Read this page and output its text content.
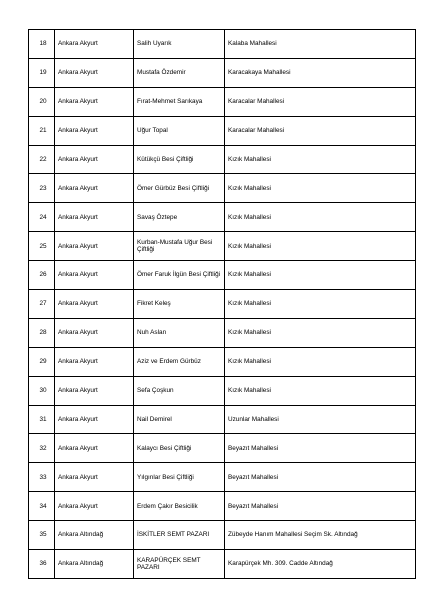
18	Ankara Akyurt	Salih Uyarık	Kalaba Mahallesi
19	Ankara Akyurt	Mustafa Özdemir	Karacakaya Mahallesi
20	Ankara Akyurt	Fırat-Mehmet Sarıkaya	Karacalar Mahallesi
21	Ankara Akyurt	Uğur Topal	Karacalar Mahallesi
22	Ankara Akyurt	Kütükçü Besi Çiftliği	Kızık Mahallesi
23	Ankara Akyurt	Ömer Gürbüz Besi Çiftliği	Kızık Mahallesi
24	Ankara Akyurt	Savaş Öztepe	Kızık Mahallesi
25	Ankara Akyurt	Kurban-Mustafa Uğur Besi Çiftliği	Kızık Mahallesi
26	Ankara Akyurt	Ömer Faruk İlgün Besi Çiftliği	Kızık Mahallesi
27	Ankara Akyurt	Fikret Keleş	Kızık Mahallesi
28	Ankara Akyurt	Nuh Aslan	Kızık Mahallesi
29	Ankara Akyurt	Aziz ve Erdem Gürbüz	Kızık Mahallesi
30	Ankara Akyurt	Sefa Çoşkun	Kızık Mahallesi
31	Ankara Akyurt	Nail Demirel	Uzunlar Mahallesi
32	Ankara Akyurt	Kalaycı Besi Çiftliği	Beyazıt Mahallesi
33	Ankara Akyurt	Yılgınlar Besi Çiftliği	Beyazıt Mahallesi
34	Ankara Akyurt	Erdem Çakır Besicilik	Beyazıt Mahallesi
35	Ankara Altındağ	İSKİTLER SEMT PAZARI	Zübeyde Hanım Mahallesi Seçim Sk. Altındağ
36	Ankara Altındağ	KARAPÜRÇEK SEMT PAZARI	Karapürçek Mh. 309. Cadde Altındağ
